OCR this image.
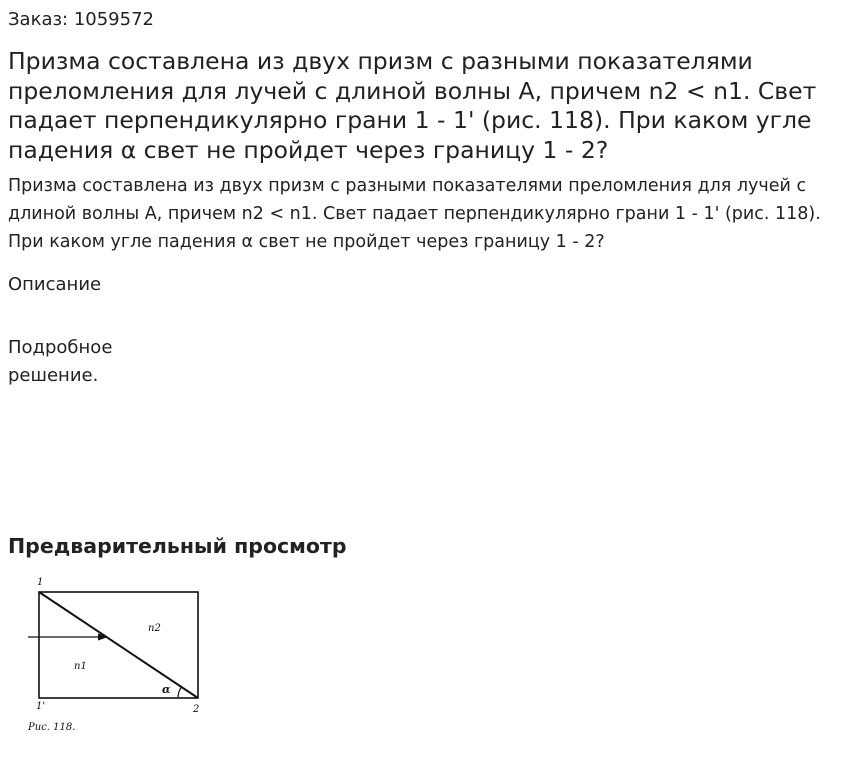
Заказ: 1059572

Призма составлена из двух призм с разными показателями преломления для лучей с длиной волны A, причем n2 < n1. Свет падает перпендикулярно грани 1 - 1' (рис. 118). При каком угле падения α свет не пройдет через границу 1 - 2?

Призма составлена из двух призм с разными показателями преломления для лучей с длиной волны A, причем n2 < n1. Свет падает перпендикулярно грани 1 - 1' (рис. 118). При каком угле падения α свет не пройдет через границу 1 - 2?

Описание

Подробное решение.

Предварительный просмотр
1
1'	2
n2
n1
α
Рис. 118.
